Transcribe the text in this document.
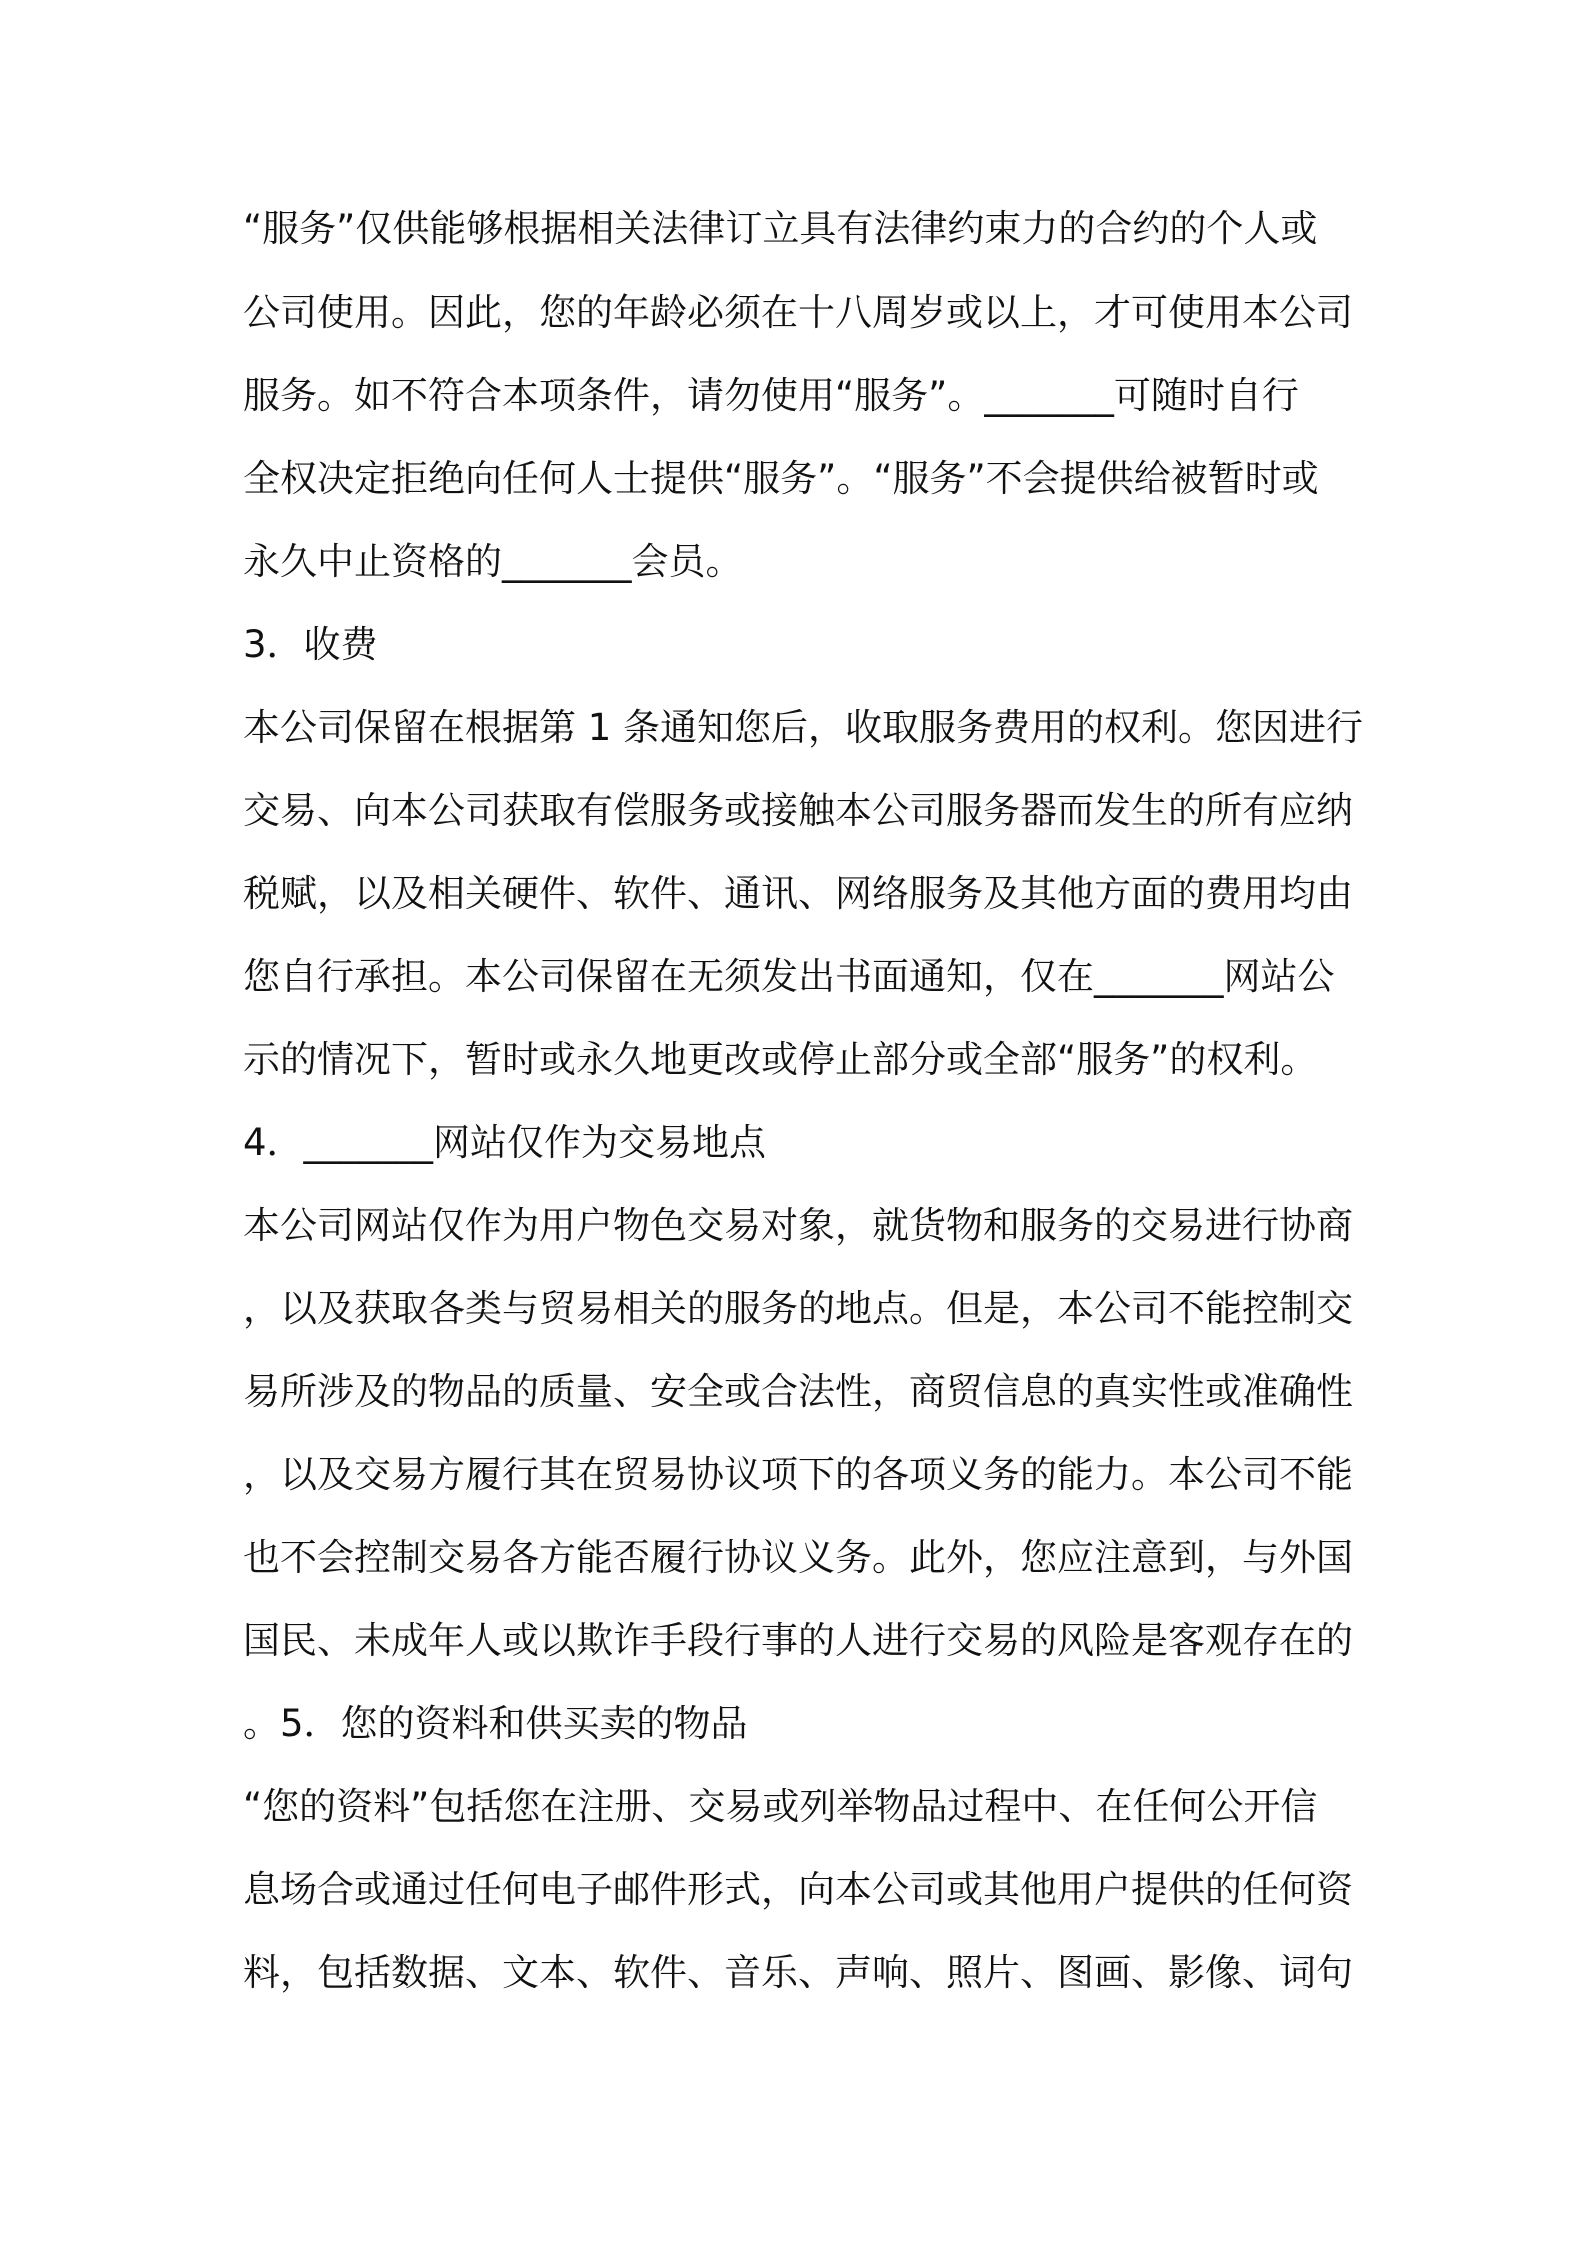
“服务”仅供能够根据相关法律订立具有法律约束力的合约的个人或
公司使用。因此，您的年龄必须在十八周岁或以上，才可使用本公司
服务。如不符合本项条件，请勿使用“服务”。_______可随时自行
全权决定拒绝向任何人士提供“服务”。“服务”不会提供给被暂时或
永久中止资格的_______会员。
3．收费
本公司保留在根据第 1 条通知您后，收取服务费用的权利。您因进行
交易、向本公司获取有偿服务或接触本公司服务器而发生的所有应纳
税赋，以及相关硬件、软件、通讯、网络服务及其他方面的费用均由
您自行承担。本公司保留在无须发出书面通知，仅在_______网站公
示的情况下，暂时或永久地更改或停止部分或全部“服务”的权利。
4．_______网站仅作为交易地点
本公司网站仅作为用户物色交易对象，就货物和服务的交易进行协商
，以及获取各类与贸易相关的服务的地点。但是，本公司不能控制交
易所涉及的物品的质量、安全或合法性，商贸信息的真实性或准确性
，以及交易方履行其在贸易协议项下的各项义务的能力。本公司不能
也不会控制交易各方能否履行协议义务。此外，您应注意到，与外国
国民、未成年人或以欺诈手段行事的人进行交易的风险是客观存在的
。5．您的资料和供买卖的物品
“您的资料”包括您在注册、交易或列举物品过程中、在任何公开信
息场合或通过任何电子邮件形式，向本公司或其他用户提供的任何资
料，包括数据、文本、软件、音乐、声响、照片、图画、影像、词句
